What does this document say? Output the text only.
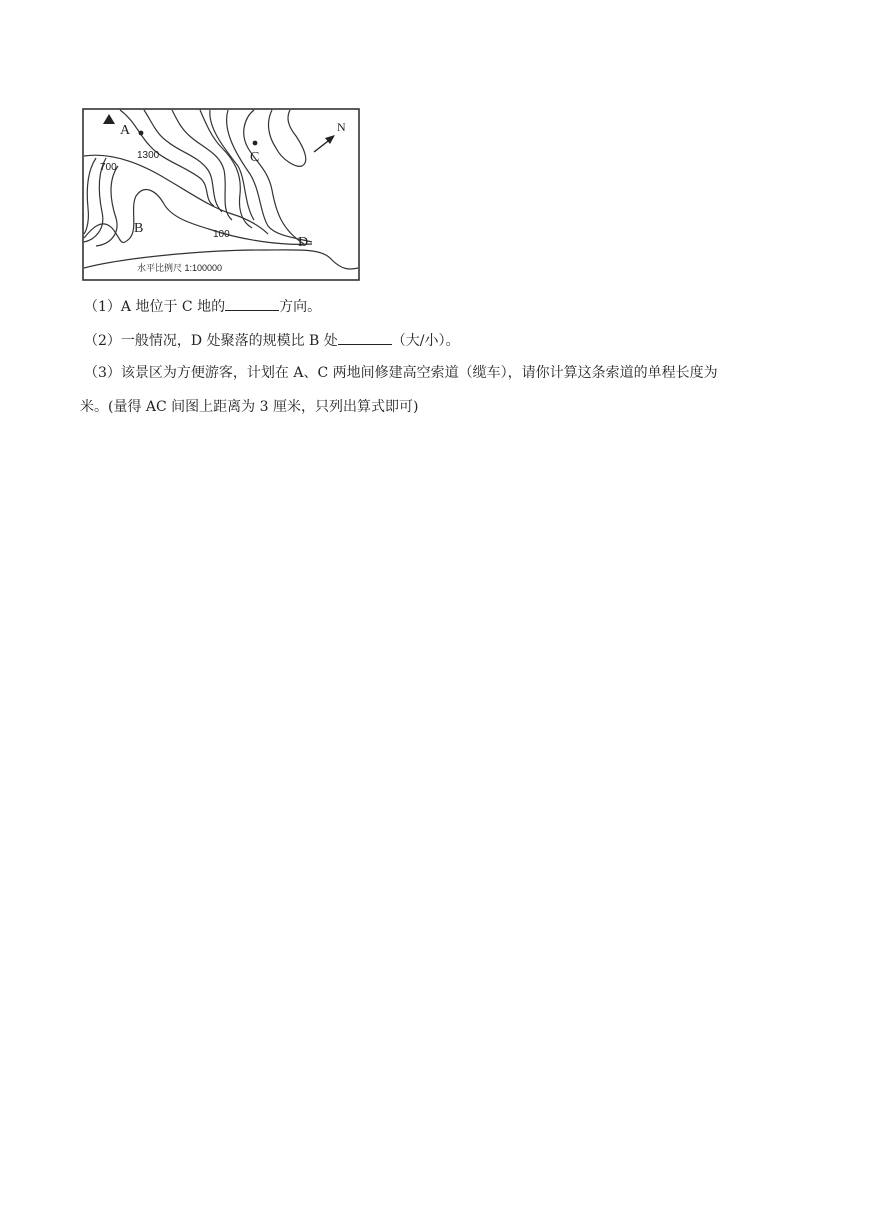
A
B
C
D
N
1300
700
100
水平比例尺 1:100000
（1）A 地位于 C 地的	方向。
（2）一般情况，D 处聚落的规模比 B 处	（大/小）。
（3）该景区为方便游客，计划在 A、C 两地间修建高空索道（缆车），请你计算这条索道的单程长度为
米。(量得 AC 间图上距离为 3 厘米，只列出算式即可)
